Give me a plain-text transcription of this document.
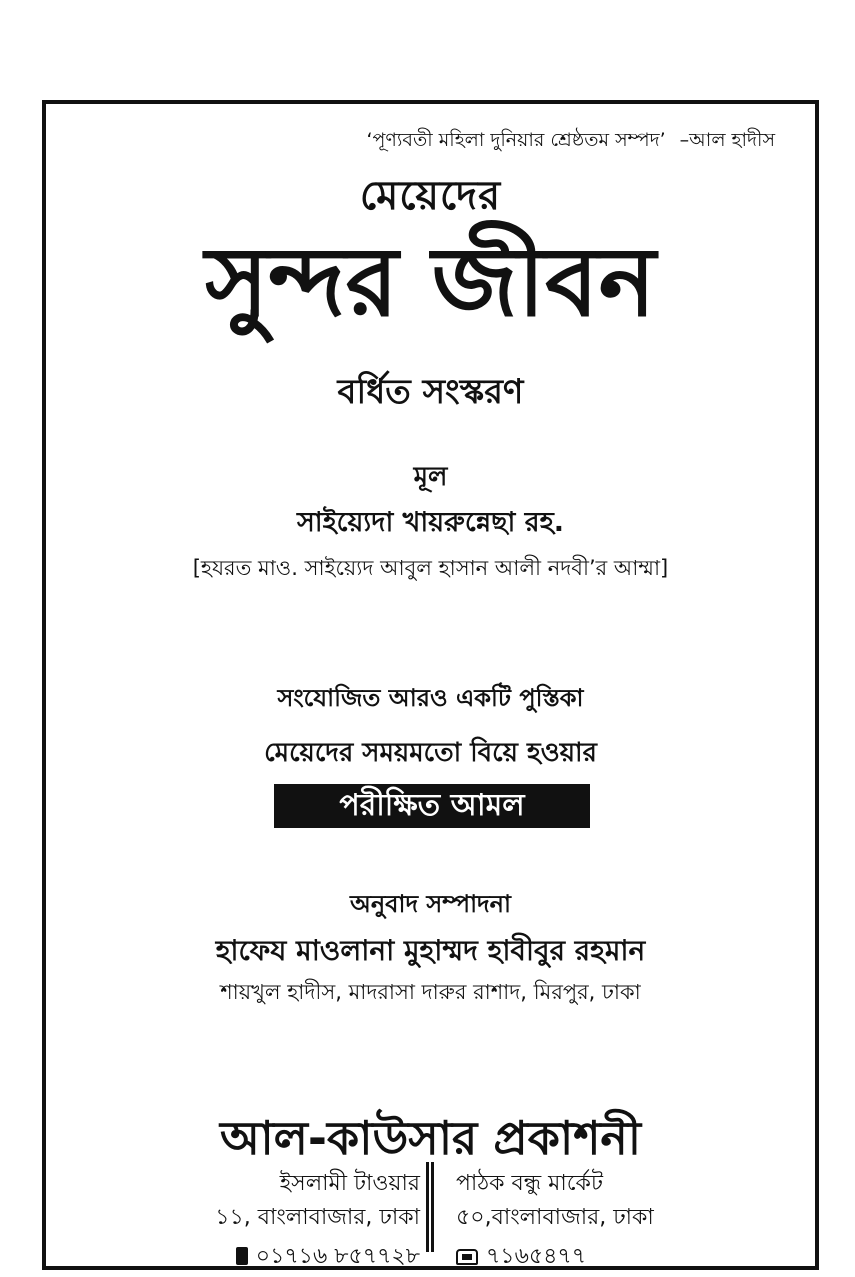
‘পূণ্যবতী মহিলা দুনিয়ার শ্রেষ্ঠতম সম্পদ’ –আল হাদীস
মেয়েদের
সুন্দর জীবন
বর্ধিত সংস্করণ
মূল
সাইয়্যেদা খায়রুন্নেছা রহ.
[হযরত মাও. সাইয়্যেদ আবুল হাসান আলী নদবী’র আম্মা]
সংযোজিত আরও একটি পুস্তিকা
মেয়েদের সময়মতো বিয়ে হওয়ার
পরীক্ষিত আমল
অনুবাদ সম্পাদনা
হাফেয মাওলানা মুহাম্মদ হাবীবুর রহমান
শায়খুল হাদীস, মাদরাসা দারুর রাশাদ, মিরপুর, ঢাকা
আল-কাউসার প্রকাশনী
ইসলামী টাওয়ার
১১, বাংলাবাজার, ঢাকা
০১৭১৬ ৮৫৭৭২৮
পাঠক বন্ধু মার্কেট
৫০,বাংলাবাজার, ঢাকা
৭১৬৫৪৭৭
